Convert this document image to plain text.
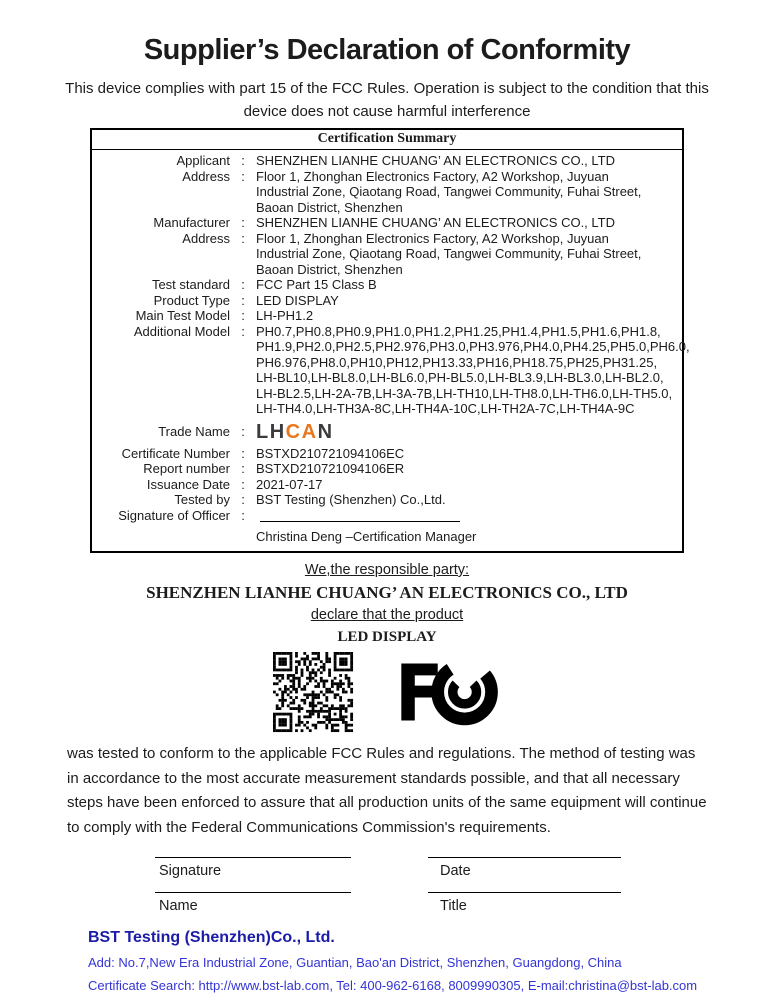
Supplier’s Declaration of Conformity
This device complies with part 15 of the FCC Rules. Operation is subject to the condition that this
device does not cause harmful interference
Certification Summary
Applicant : SHENZHEN LIANHE CHUANG’ AN ELECTRONICS CO., LTD
Address : Floor 1, Zhonghan Electronics Factory, A2 Workshop, Juyuan
Industrial Zone, Qiaotang Road, Tangwei Community, Fuhai Street,
Baoan District, Shenzhen
Manufacturer : SHENZHEN LIANHE CHUANG’ AN ELECTRONICS CO., LTD
Address : Floor 1, Zhonghan Electronics Factory, A2 Workshop, Juyuan
Industrial Zone, Qiaotang Road, Tangwei Community, Fuhai Street,
Baoan District, Shenzhen
Test standard : FCC Part 15 Class B
Product Type : LED DISPLAY
Main Test Model : LH-PH1.2
Additional Model : PH0.7,PH0.8,PH0.9,PH1.0,PH1.2,PH1.25,PH1.4,PH1.5,PH1.6,PH1.8,
PH1.9,PH2.0,PH2.5,PH2.976,PH3.0,PH3.976,PH4.0,PH4.25,PH5.0,PH6.0,
PH6.976,PH8.0,PH10,PH12,PH13.33,PH16,PH18.75,PH25,PH31.25,
LH-BL10,LH-BL8.0,LH-BL6.0,PH-BL5.0,LH-BL3.9,LH-BL3.0,LH-BL2.0,
LH-BL2.5,LH-2A-7B,LH-3A-7B,LH-TH10,LH-TH8.0,LH-TH6.0,LH-TH5.0,
LH-TH4.0,LH-TH3A-8C,LH-TH4A-10C,LH-TH2A-7C,LH-TH4A-9C
Trade Name : LHCAN
Certificate Number : BSTXD210721094106EC
Report number : BSTXD210721094106ER
Issuance Date : 2021-07-17
Tested by : BST Testing (Shenzhen) Co.,Ltd.
Signature of Officer :
Christina Deng –Certification Manager
We,the responsible party:
SHENZHEN LIANHE CHUANG’ AN ELECTRONICS CO., LTD
declare that the product
LED DISPLAY
was tested to conform to the applicable FCC Rules and regulations. The method of testing was in accordance to the most accurate measurement standards possible, and that all necessary steps have been enforced to assure that all production units of the same equipment will continue to comply with the Federal Communications Commission's requirements.
Signature	Date
Name	Title
BST Testing (Shenzhen)Co., Ltd.
Add: No.7,New Era Industrial Zone, Guantian, Bao'an District, Shenzhen, Guangdong, China
Certificate Search: http://www.bst-lab.com, Tel: 400-962-6168, 8009990305, E-mail:christina@bst-lab.com
